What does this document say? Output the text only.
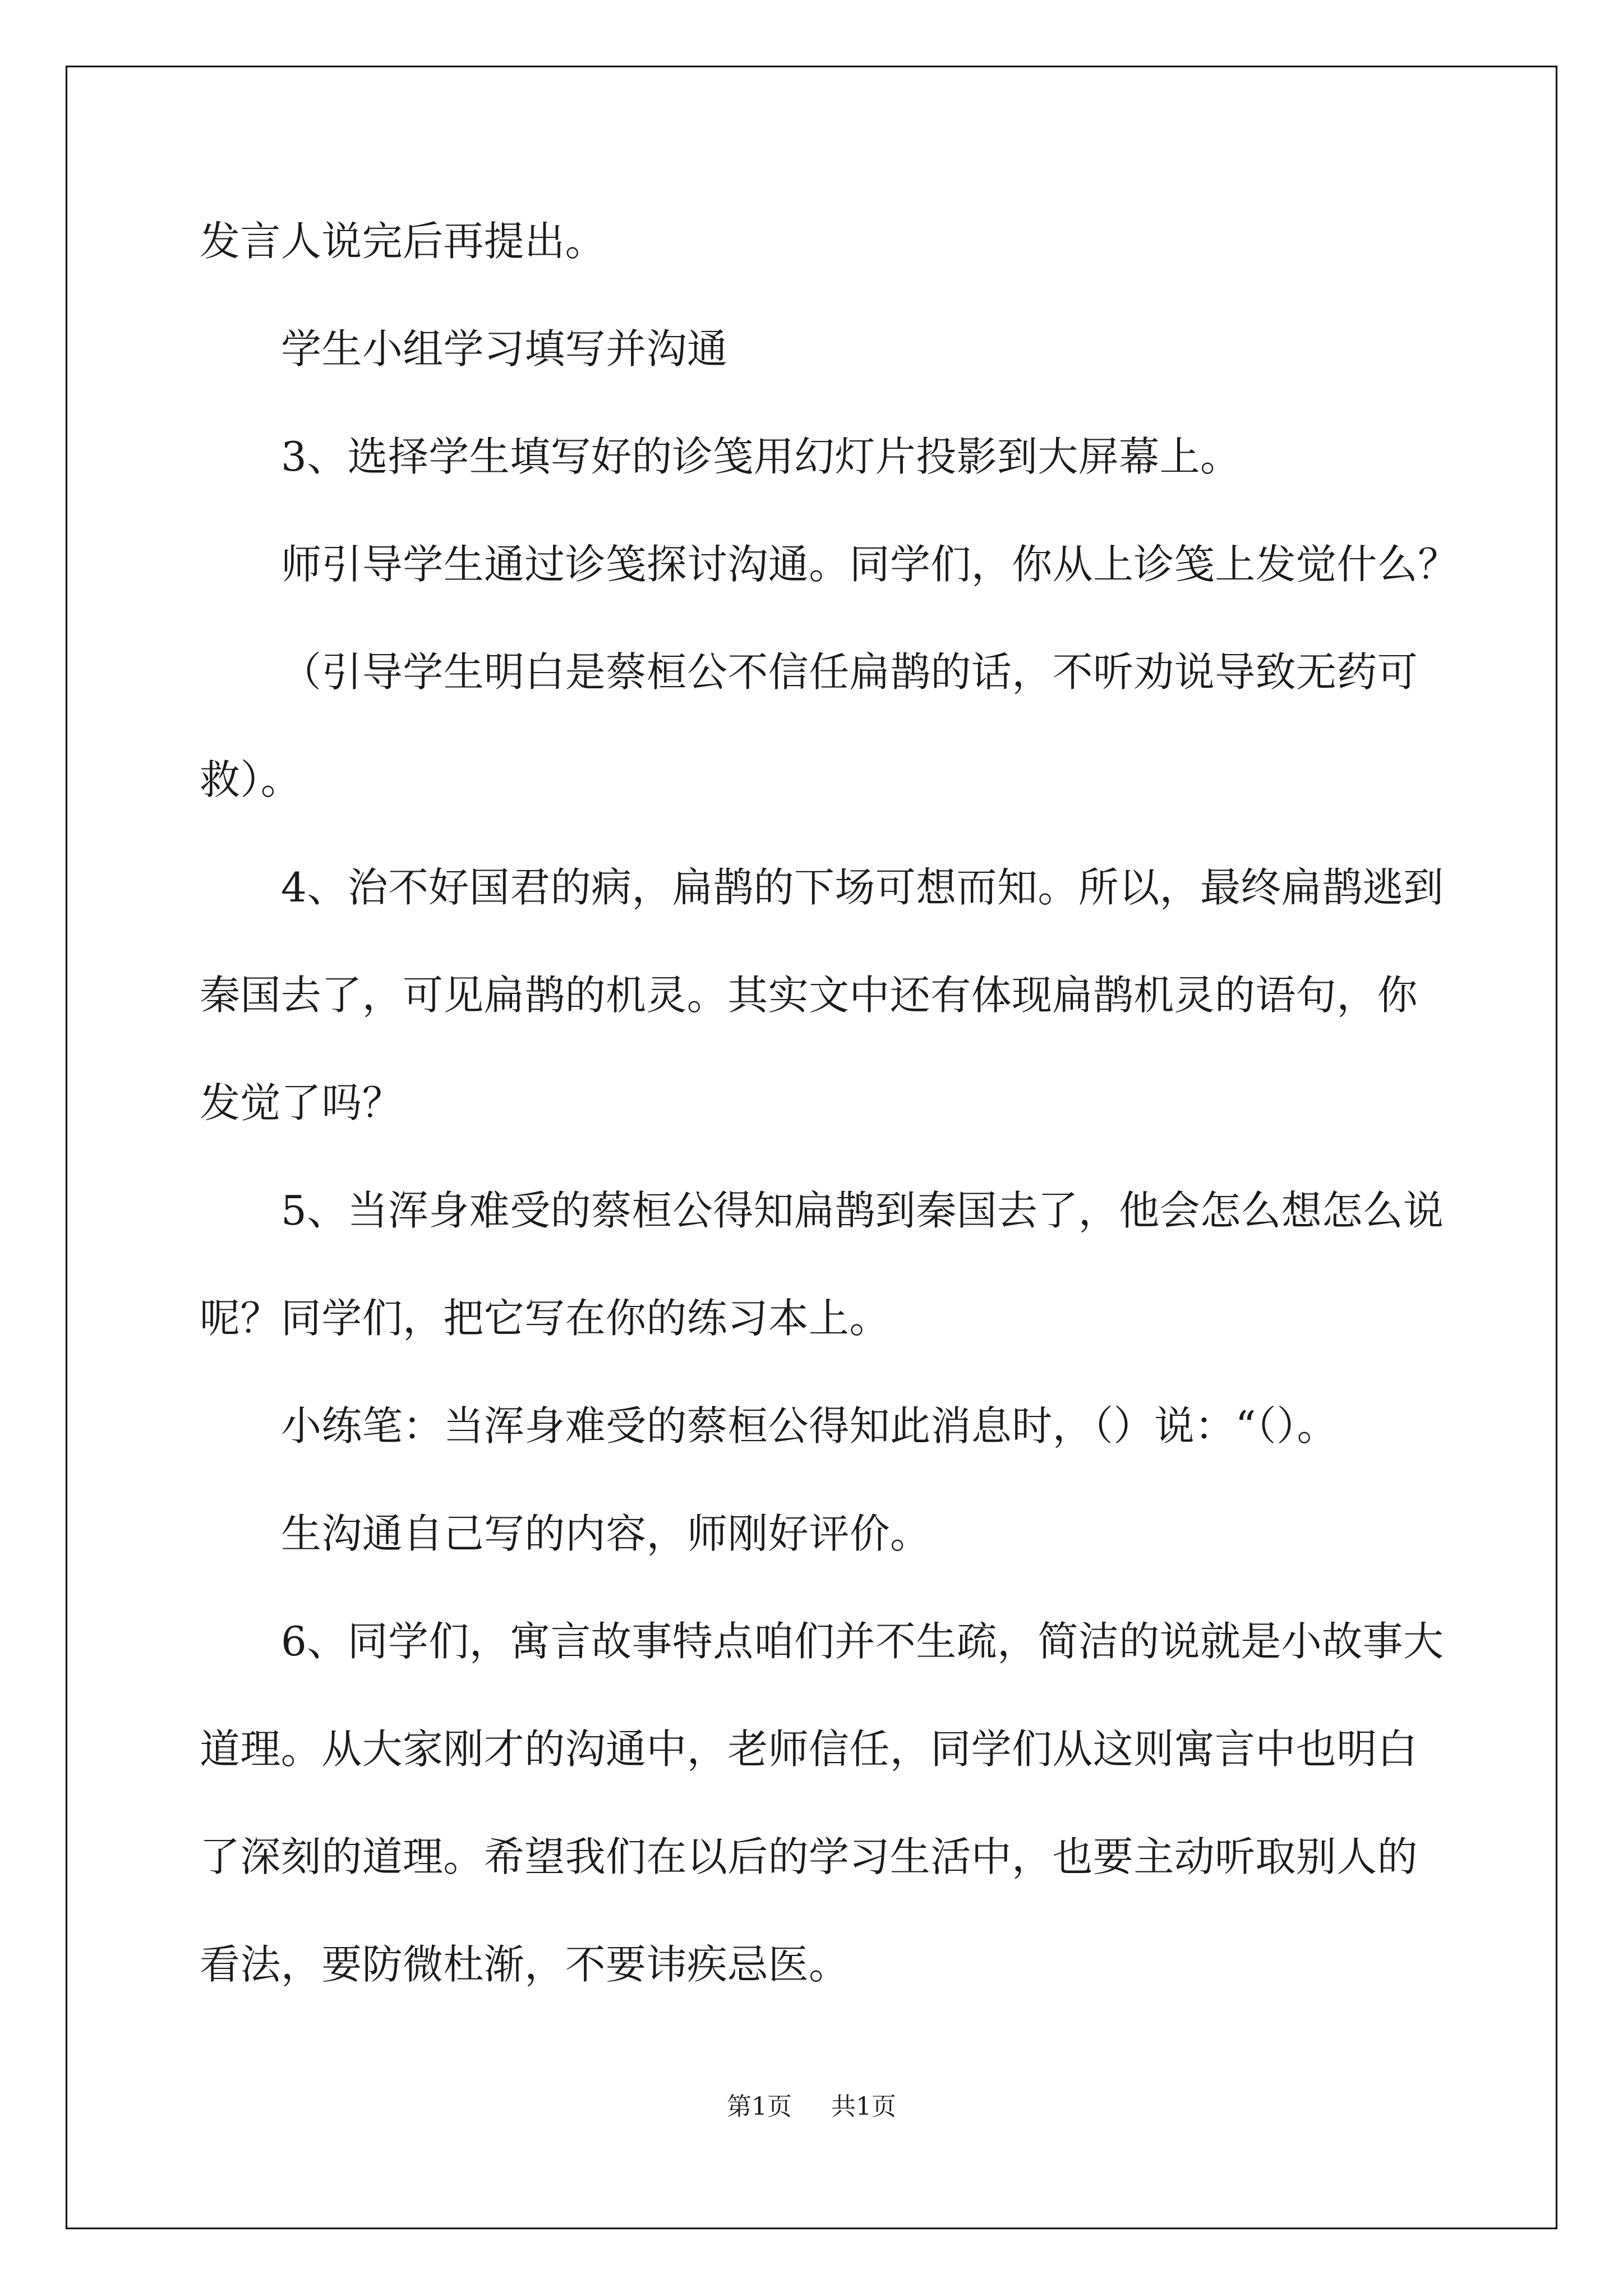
发言人说完后再提出。
学生小组学习填写并沟通
3、选择学生填写好的诊笺用幻灯片投影到大屏幕上。
师引导学生通过诊笺探讨沟通。同学们，你从上诊笺上发觉什么？
（引导学生明白是蔡桓公不信任扁鹊的话，不听劝说导致无药可
救）。
4、治不好国君的病，扁鹊的下场可想而知。所以，最终扁鹊逃到
秦国去了，可见扁鹊的机灵。其实文中还有体现扁鹊机灵的语句，你
发觉了吗？
5、当浑身难受的蔡桓公得知扁鹊到秦国去了，他会怎么想怎么说
呢？同学们，把它写在你的练习本上。
小练笔：当浑身难受的蔡桓公得知此消息时，（）说：“（）。
生沟通自己写的内容，师刚好评价。
6、同学们，寓言故事特点咱们并不生疏，简洁的说就是小故事大
道理。从大家刚才的沟通中，老师信任，同学们从这则寓言中也明白
了深刻的道理。希望我们在以后的学习生活中，也要主动听取别人的
看法，要防微杜渐，不要讳疾忌医。
第1页 共1页
